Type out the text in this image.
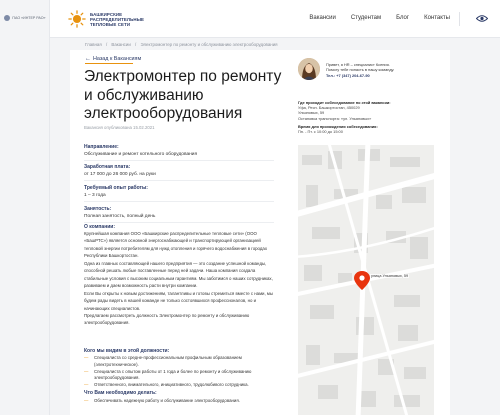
ПАО «ИНТЕР РАО»
БАШКИРСКИЕ
РАСПРЕДЕЛИТЕЛЬНЫЕ
ТЕПЛОВЫЕ СЕТИ
Вакансии	Студентам	Блог	Контакты
Главная / Вакансии / Электромонтер по ремонту и обслуживанию электрооборудования
← Назад к Вакансиям
Электромонтер по ремонту и обслуживанию электрооборудования
Вакансия опубликована 15.02.2021
Направление:
Обслуживание и ремонт котельного оборудования
Заработная плата:
от 17 000 до 26 000 руб. на руки
Требуемый опыт работы:
1 – 3 года
Занятость:
Полная занятость, полный день
О компании:

Крупнейшая компания ООО «Башкирские распределительные тепловые сети» (ООО «БашРТС») является основной энергоснабжающей и транспортирующей организацией тепловой энергии потребителям для нужд отопления и горячего водоснабжения в городах Республики Башкортостан.

Одна из главных составляющей нашего предприятия — это создание успешной команды, способной решать любые поставленные перед ней задачи. Наша компания создала стабильные условия с высоким социальным гарантиям. Мы заботимся о наших сотрудниках, развиваем и даем возможность расти внутри компании.

Если Вы открыты к новым достижениям, талантливы и готовы стремиться вместе с нами, мы будем рады видеть в нашей команде не только состоявшихся профессионалов, но и начинающих специалистов.

Предлагаем рассмотреть должность Электромонтер по ремонту и обслуживанию электрооборудования.

Кого мы видим в этой должности:
—	Специалиста со средне-профессиональным профильным образованием (электротехническое).
—	Специалиста с опытом работы от 1 года и более по ремонту и обслуживанию электрооборудования.
—	Ответственного, внимательного, инициативного, трудолюбивого сотрудника.
Что Вам необходимо делать:
—	Обеспечивать надежную работу и обслуживание электрооборудования.
Привет, я HR – специалист Ксения.
Помогу тебе попасть в нашу команду.
Тел.: +7 (347) 204-67-90
Где проходит собеседование по этой вакансии:
Уфа, Респ. Башкортостан, 450029
Ульяновых, 59
Остановка транспорта: «ул. Ульяновых»
Время для прохождения собеседования:
Пн. - Пт. с 10:00 до 15:00
улица Ульяновых, 59
